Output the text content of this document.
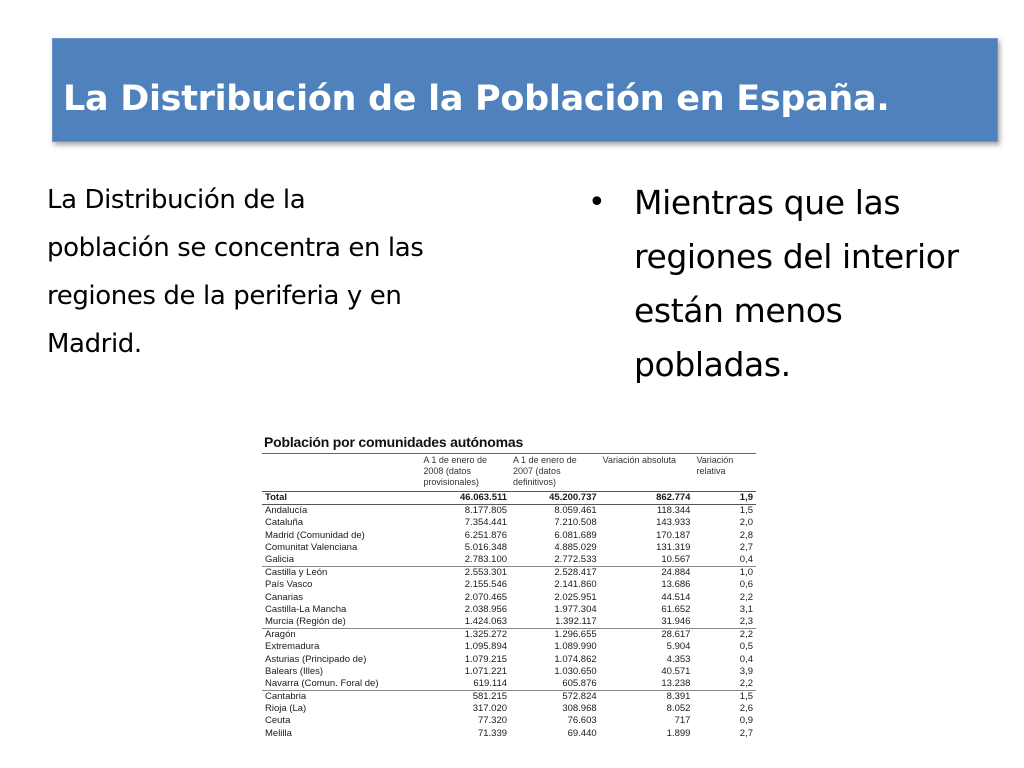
La Distribución de la Población en España.

La Distribución de la población se concentra en las regiones de la periferia y en Madrid.

• Mientras que las regiones del interior están menos pobladas.
Población por comunidades autónomas
	A 1 de enero de 2008 (datos provisionales)	A 1 de enero de 2007 (datos definitivos)	Variación absoluta	Variación relativa
Total	46.063.511	45.200.737	862.774	1,9
Andalucía	8.177.805	8.059.461	118.344	1,5
Cataluña	7.354.441	7.210.508	143.933	2,0
Madrid (Comunidad de)	6.251.876	6.081.689	170.187	2,8
Comunitat Valenciana	5.016.348	4.885.029	131.319	2,7
Galicia	2.783.100	2.772.533	10.567	0,4
Castilla y León	2.553.301	2.528.417	24.884	1,0
País Vasco	2.155.546	2.141.860	13.686	0,6
Canarias	2.070.465	2.025.951	44.514	2,2
Castilla-La Mancha	2.038.956	1.977.304	61.652	3,1
Murcia (Región de)	1.424.063	1.392.117	31.946	2,3
Aragón	1.325.272	1.296.655	28.617	2,2
Extremadura	1.095.894	1.089.990	5.904	0,5
Asturias (Principado de)	1.079.215	1.074.862	4.353	0,4
Balears (Illes)	1.071.221	1.030.650	40.571	3,9
Navarra (Comun. Foral de)	619.114	605.876	13.238	2,2
Cantabria	581.215	572.824	8.391	1,5
Rioja (La)	317.020	308.968	8.052	2,6
Ceuta	77.320	76.603	717	0,9
Melilla	71.339	69.440	1.899	2,7
